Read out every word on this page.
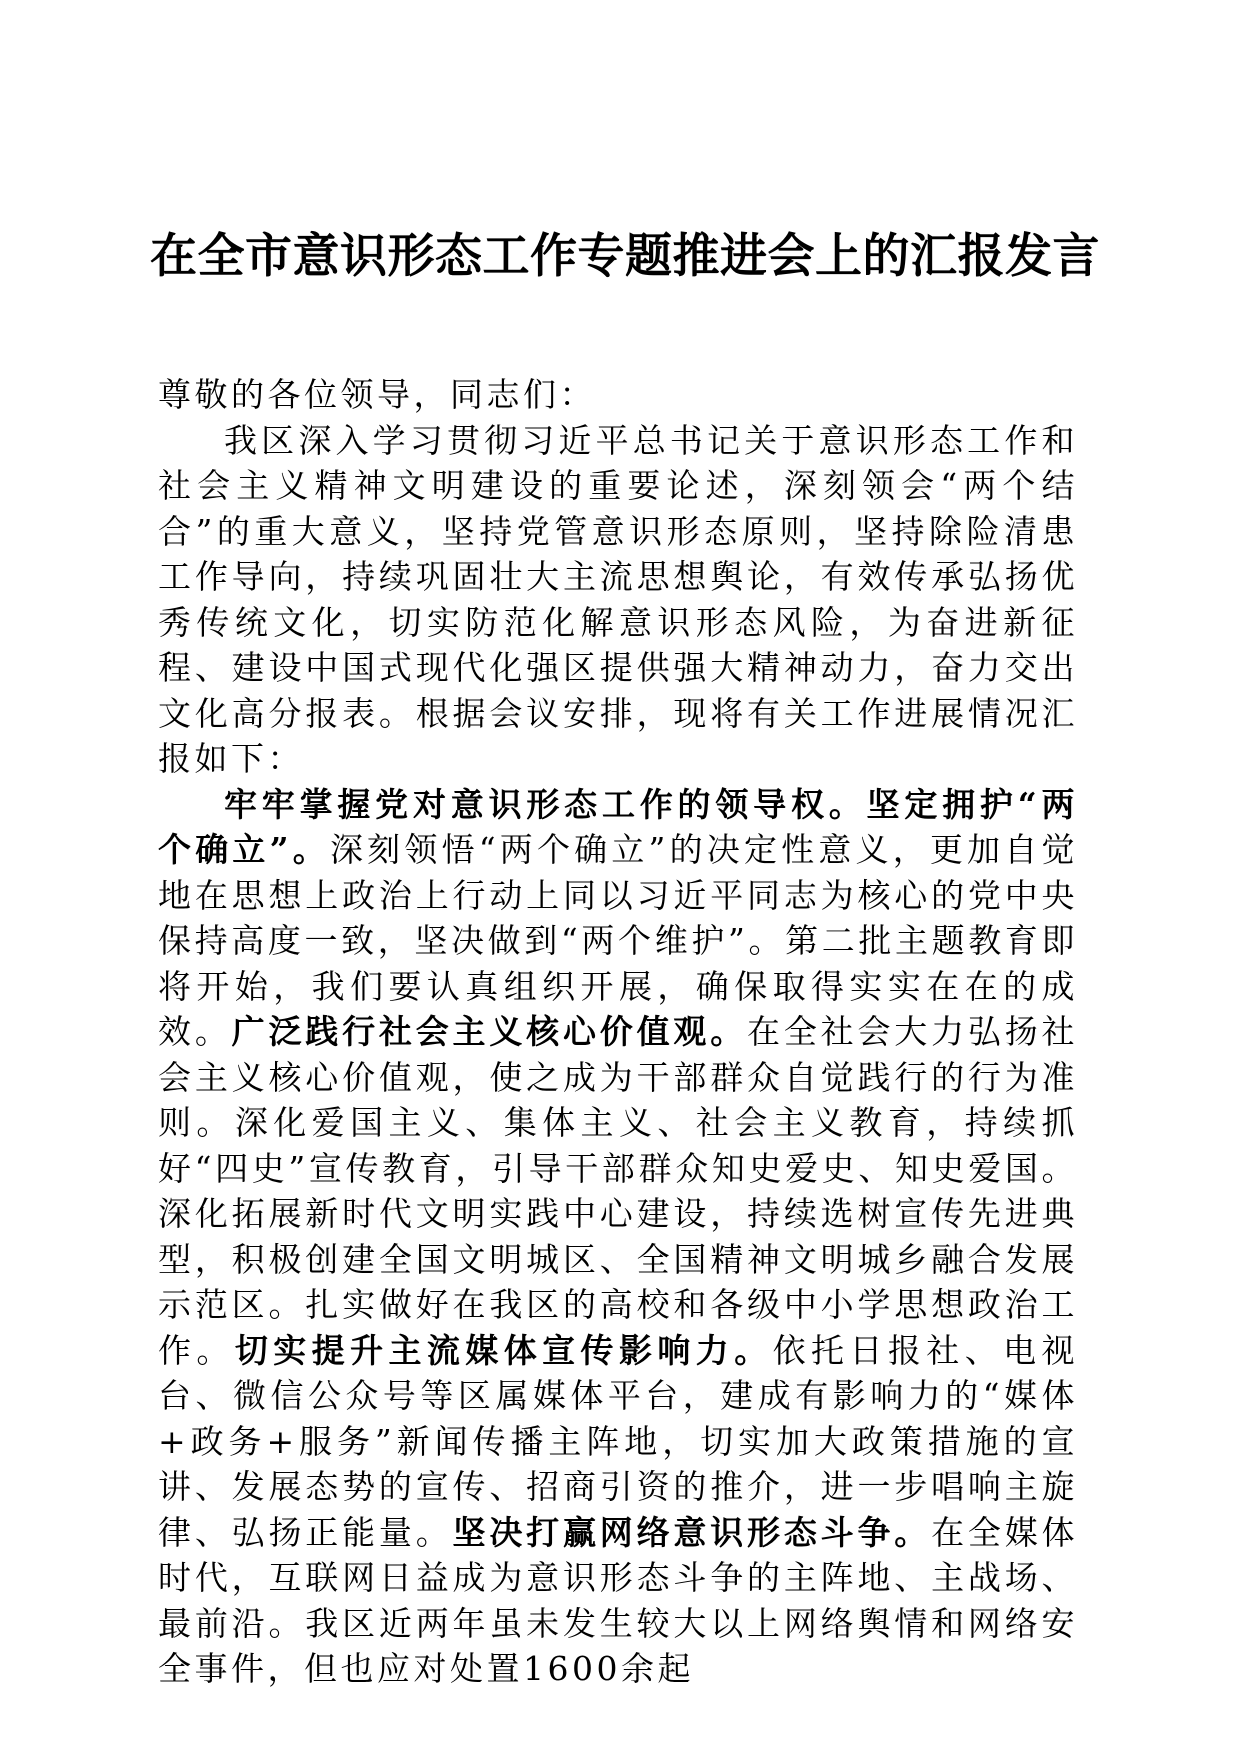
在全市意识形态工作专题推进会上的汇报发言

尊敬的各位领导，同志们：

我区深入学习贯彻习近平总书记关于意识形态工作和社会主义精神文明建设的重要论述，深刻领会“两个结合”的重大意义，坚持党管意识形态原则，坚持除险清患工作导向，持续巩固壮大主流思想舆论，有效传承弘扬优秀传统文化，切实防范化解意识形态风险，为奋进新征程、建设中国式现代化强区提供强大精神动力，奋力交出文化高分报表。根据会议安排，现将有关工作进展情况汇报如下：

牢牢掌握党对意识形态工作的领导权。坚定拥护“两个确立”。深刻领悟“两个确立”的决定性意义，更加自觉地在思想上政治上行动上同以习近平同志为核心的党中央保持高度一致，坚决做到“两个维护”。第二批主题教育即将开始，我们要认真组织开展，确保取得实实在在的成效。广泛践行社会主义核心价值观。在全社会大力弘扬社会主义核心价值观，使之成为干部群众自觉践行的行为准则。深化爱国主义、集体主义、社会主义教育，持续抓好“四史”宣传教育，引导干部群众知史爱史、知史爱国。深化拓展新时代文明实践中心建设，持续选树宣传先进典型，积极创建全国文明城区、全国精神文明城乡融合发展示范区。扎实做好在我区的高校和各级中小学思想政治工作。切实提升主流媒体宣传影响力。依托日报社、电视台、微信公众号等区属媒体平台，建成有影响力的“媒体+政务+服务”新闻传播主阵地，切实加大政策措施的宣讲、发展态势的宣传、招商引资的推介，进一步唱响主旋律、弘扬正能量。坚决打赢网络意识形态斗争。在全媒体时代，互联网日益成为意识形态斗争的主阵地、主战场、最前沿。我区近两年虽未发生较大以上网络舆情和网络安全事件，但也应对处置1600余起
